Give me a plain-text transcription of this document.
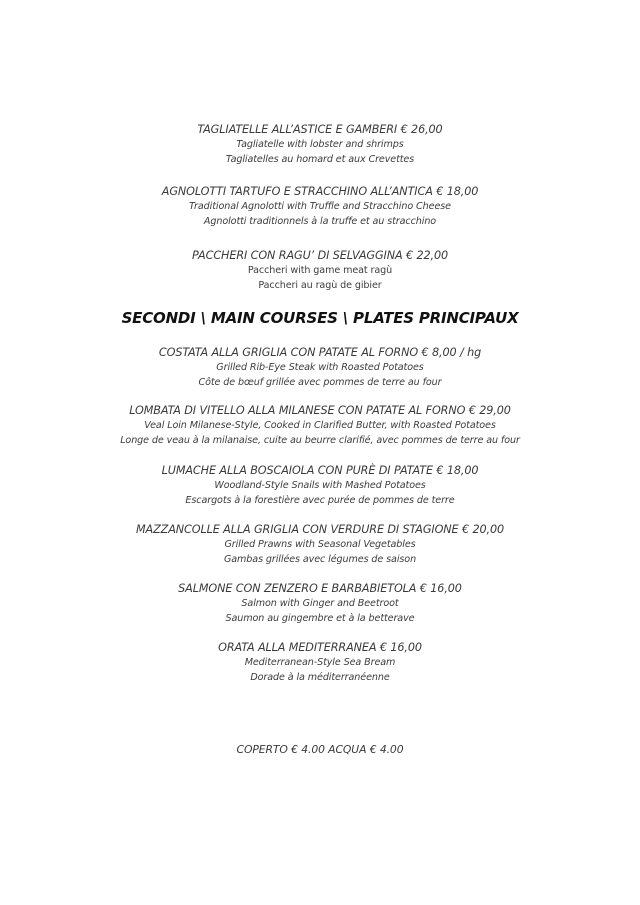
TAGLIATELLE ALL’ASTICE E GAMBERI € 26,00
Tagliatelle with lobster and shrimps
Tagliatelles au homard et aux Crevettes
AGNOLOTTI TARTUFO E STRACCHINO ALL’ANTICA € 18,00
Traditional Agnolotti with Truffle and Stracchino Cheese
Agnolotti traditionnels à la truffe et au stracchino
PACCHERI CON RAGU’ DI SELVAGGINA € 22,00
Paccheri with game meat ragù
Paccheri au ragù de gibier
SECONDI \ MAIN COURSES \ PLATES PRINCIPAUX
COSTATA ALLA GRIGLIA CON PATATE AL FORNO € 8,00 / hg
Grilled Rib-Eye Steak with Roasted Potatoes
Côte de bœuf grillée avec pommes de terre au four
LOMBATA DI VITELLO ALLA MILANESE CON PATATE AL FORNO € 29,00
Veal Loin Milanese-Style, Cooked in Clarified Butter, with Roasted Potatoes
Longe de veau à la milanaise, cuite au beurre clarifié, avec pommes de terre au four
LUMACHE ALLA BOSCAIOLA CON PURÈ DI PATATE € 18,00
Woodland-Style Snails with Mashed Potatoes
Escargots à la forestière avec purée de pommes de terre
MAZZANCOLLE ALLA GRIGLIA CON VERDURE DI STAGIONE € 20,00
Grilled Prawns with Seasonal Vegetables
Gambas grillées avec légumes de saison
SALMONE CON ZENZERO E BARBABIETOLA € 16,00
Salmon with Ginger and Beetroot
Saumon au gingembre et à la betterave
ORATA ALLA MEDITERRANEA € 16,00
Mediterranean-Style Sea Bream
Dorade à la méditerranéenne
COPERTO € 4.00 ACQUA € 4.00
